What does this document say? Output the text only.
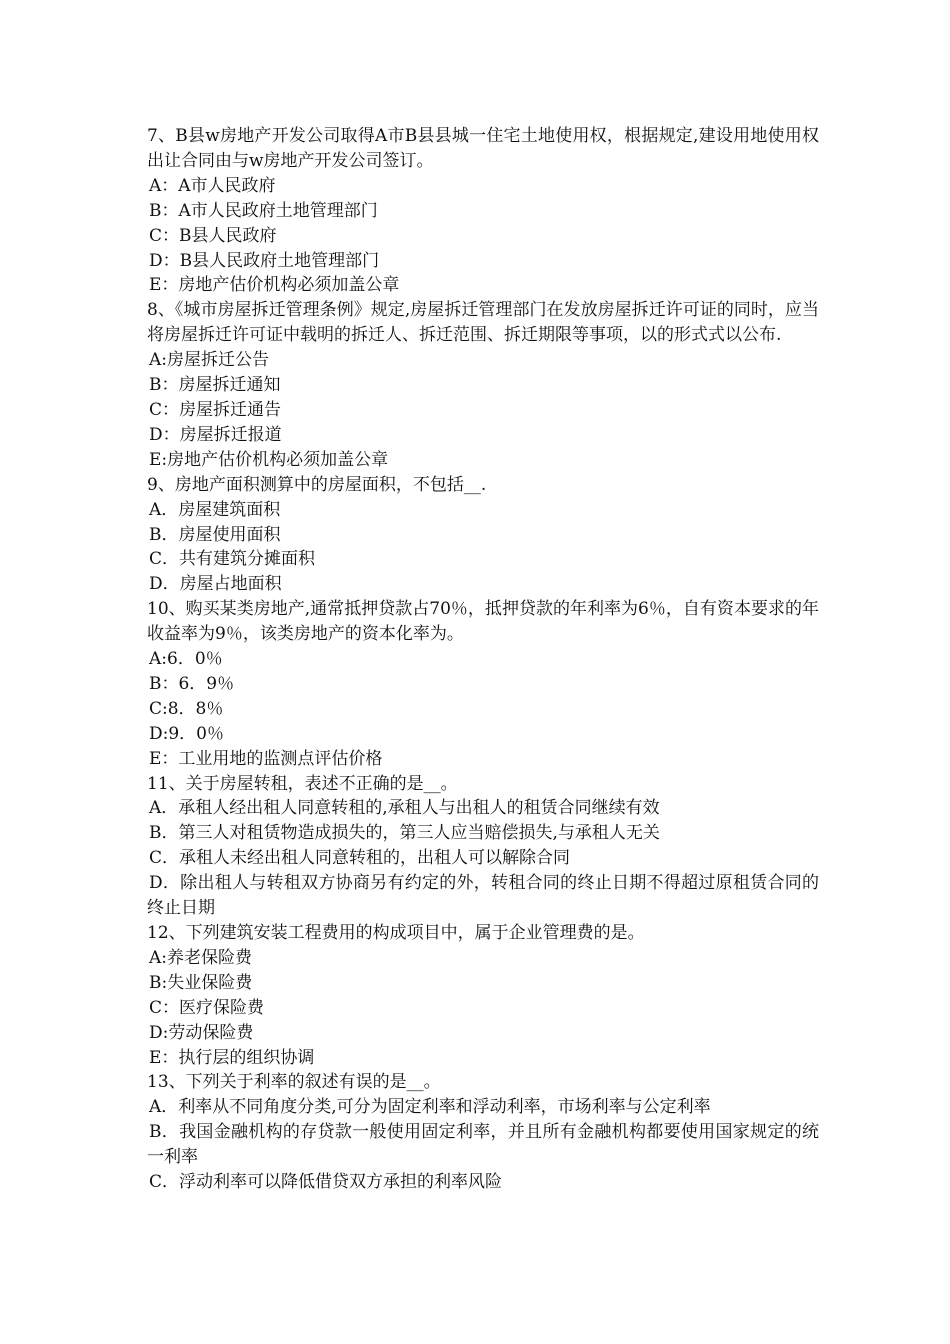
7、B县w房地产开发公司取得A市B县县城一住宅土地使用权，根据规定,建设用地使用权出让合同由与w房地产开发公司签订。

A：A市人民政府

B：A市人民政府土地管理部门

C：B县人民政府

D：B县人民政府土地管理部门

E：房地产估价机构必须加盖公章

8、《城市房屋拆迁管理条例》规定,房屋拆迁管理部门在发放房屋拆迁许可证的同时，应当将房屋拆迁许可证中载明的拆迁人、拆迁范围、拆迁期限等事项，以的形式式以公布.

A:房屋拆迁公告

B：房屋拆迁通知

C：房屋拆迁通告

D：房屋拆迁报道

E:房地产估价机构必须加盖公章

9、房地产面积测算中的房屋面积，不包括__.

A．房屋建筑面积

B．房屋使用面积

C．共有建筑分摊面积

D．房屋占地面积

10、购买某类房地产,通常抵押贷款占70％，抵押贷款的年利率为6％，自有资本要求的年收益率为9％，该类房地产的资本化率为。

A:6．0％

B：6．9％

C:8．8％

D:9．0％

E：工业用地的监测点评估价格

11、关于房屋转租，表述不正确的是__。

A．承租人经出租人同意转租的,承租人与出租人的租赁合同继续有效

B．第三人对租赁物造成损失的，第三人应当赔偿损失,与承租人无关

C．承租人未经出租人同意转租的，出租人可以解除合同

D．除出租人与转租双方协商另有约定的外，转租合同的终止日期不得超过原租赁合同的终止日期

12、下列建筑安装工程费用的构成项目中，属于企业管理费的是。

A:养老保险费

B:失业保险费

C：医疗保险费

D:劳动保险费

E：执行层的组织协调

13、下列关于利率的叙述有误的是__。

A．利率从不同角度分类,可分为固定利率和浮动利率，市场利率与公定利率

B．我国金融机构的存贷款一般使用固定利率，并且所有金融机构都要使用国家规定的统一利率

C．浮动利率可以降低借贷双方承担的利率风险
